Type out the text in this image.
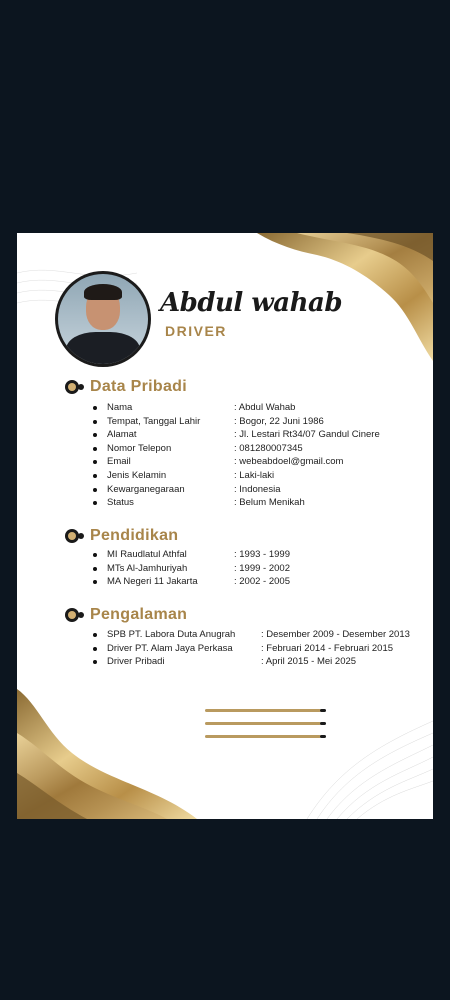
Abdul wahab
DRIVER
Data Pribadi
Nama	: Abdul Wahab
Tempat, Tanggal Lahir	: Bogor, 22 Juni 1986
Alamat	: Jl. Lestari Rt34/07 Gandul Cinere
Nomor Telepon	: 081280007345
Email	: webeabdoel@gmail.com
Jenis Kelamin	: Laki-laki
Kewarganegaraan	: Indonesia
Status	: Belum Menikah
Pendidikan
MI Raudlatul Athfal	: 1993 - 1999
MTs Al-Jamhuriyah	: 1999 - 2002
MA Negeri 11 Jakarta	: 2002 - 2005
Pengalaman
SPB PT. Labora Duta Anugrah	: Desember 2009 - Desember 2013
Driver PT. Alam Jaya Perkasa	: Februari 2014 - Februari 2015
Driver Pribadi	: April 2015 - Mei 2025
